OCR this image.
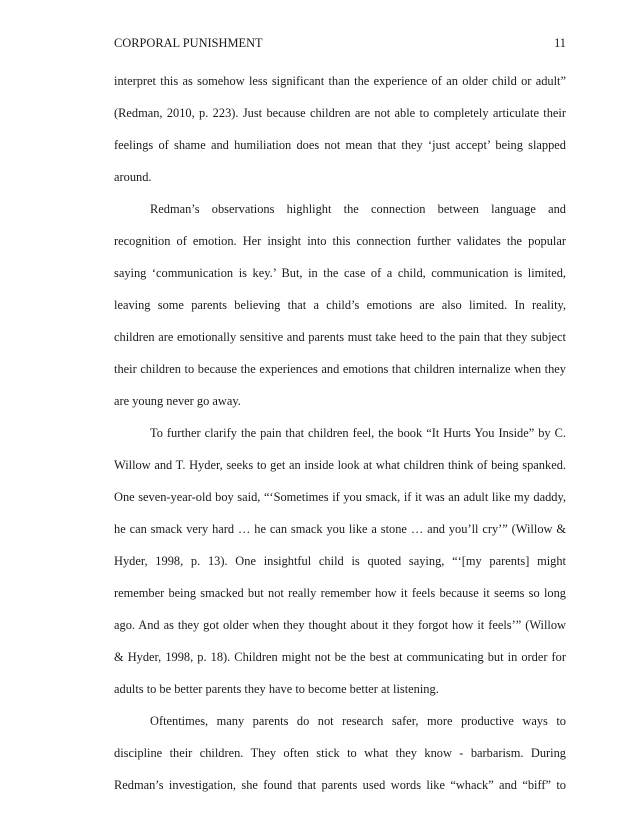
CORPORAL PUNISHMENT	11
interpret this as somehow less significant than the experience of an older child or adult”
(Redman, 2010, p. 223). Just because children are not able to completely articulate their
feelings of shame and humiliation does not mean that they ‘just accept’ being slapped
around.
Redman’s observations highlight the connection between language and
recognition of emotion. Her insight into this connection further validates the popular
saying ‘communication is key.’ But, in the case of a child, communication is limited,
leaving some parents believing that a child’s emotions are also limited. In reality,
children are emotionally sensitive and parents must take heed to the pain that they subject
their children to because the experiences and emotions that children internalize when they
are young never go away.
To further clarify the pain that children feel, the book “It Hurts You Inside” by C.
Willow and T. Hyder, seeks to get an inside look at what children think of being spanked.
One seven-year-old boy said, “‘Sometimes if you smack, if it was an adult like my daddy,
he can smack very hard … he can smack you like a stone … and you’ll cry’” (Willow &
Hyder, 1998, p. 13). One insightful child is quoted saying, “‘[my parents] might
remember being smacked but not really remember how it feels because it seems so long
ago. And as they got older when they thought about it they forgot how it feels’” (Willow
& Hyder, 1998, p. 18). Children might not be the best at communicating but in order for
adults to be better parents they have to become better at listening.
Oftentimes, many parents do not research safer, more productive ways to
discipline their children. They often stick to what they know - barbarism. During
Redman’s investigation, she found that parents used words like “whack” and “biff” to
